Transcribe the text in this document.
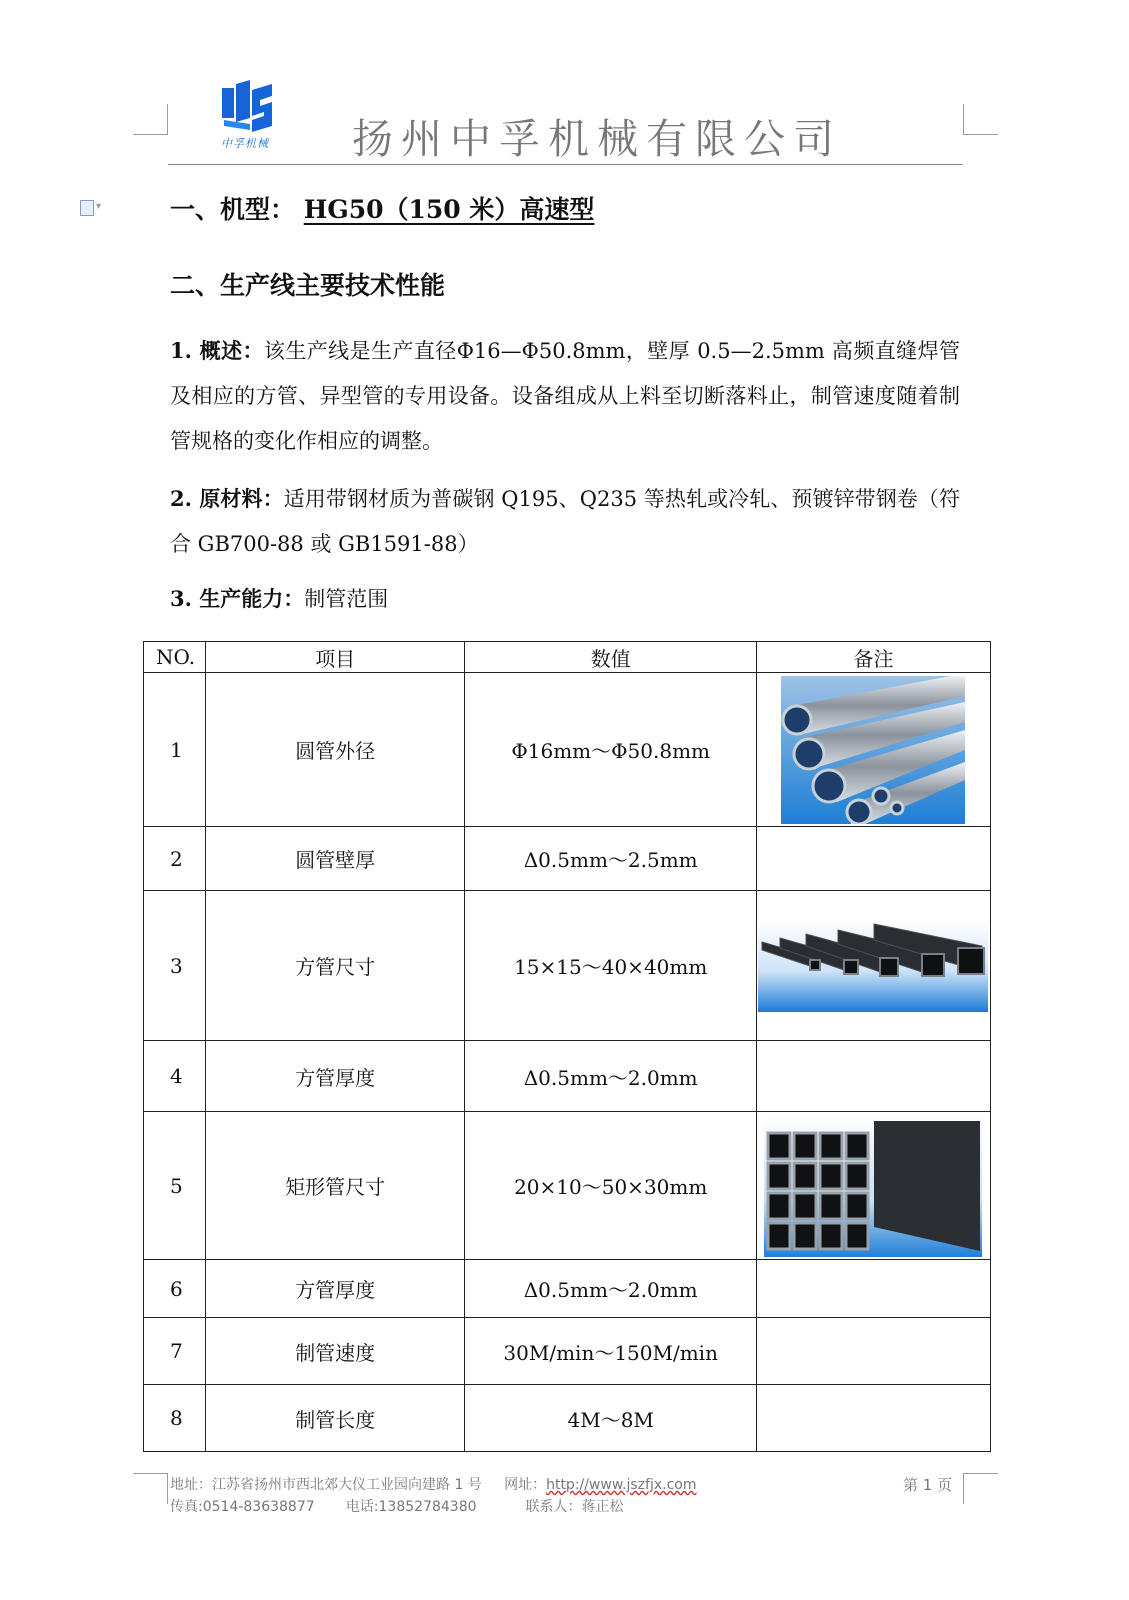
中孚机械 扬州中孚机械有限公司
▾	一、机型： HG50（150 米）高速型
二、生产线主要技术性能
1. 概述：该生产线是生产直径Φ16—Φ50.8mm，壁厚 0.5—2.5mm 高频直缝焊管及相应的方管、异型管的专用设备。设备组成从上料至切断落料止，制管速度随着制管规格的变化作相应的调整。
2. 原材料：适用带钢材质为普碳钢 Q195、Q235 等热轧或冷轧、预镀锌带钢卷（符合 GB700-88 或 GB1591-88）
3. 生产能力：制管范围
NO.	项目	数值	备注
1	圆管外径	Φ16mm～Φ50.8mm	

2	圆管壁厚	Δ0.5mm～2.5mm	
3	方管尺寸	15×15～40×40mm	

4	方管厚度	Δ0.5mm～2.0mm	
5	矩形管尺寸	20×10～50×30mm	

6	方管厚度	Δ0.5mm～2.0mm	
7	制管速度	30M/min～150M/min	
8	制管长度	4M～8M	
地址：江苏省扬州市西北郊大仪工业园向建路 1 号 网址：http://www.jszfjx.com	第 1 页
传真:0514-83638877 电话:13852784380	联系人：蒋正松
